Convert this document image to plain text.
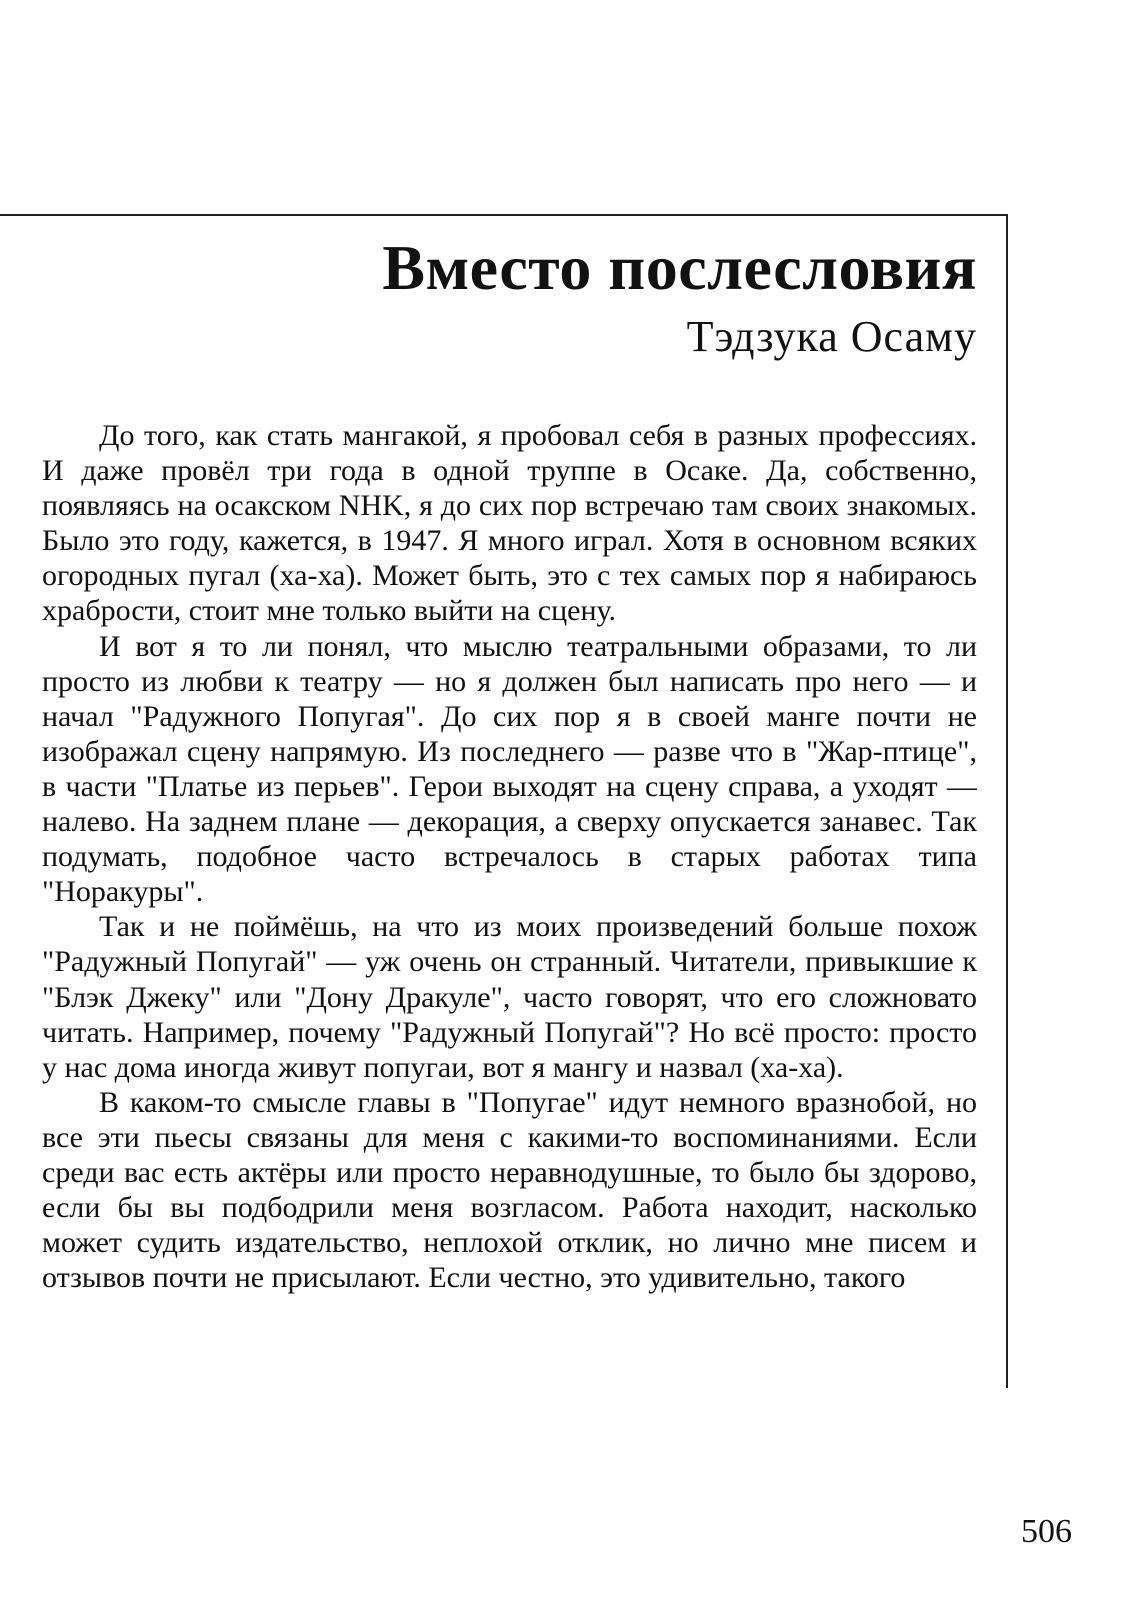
Вместо послесловия
Тэдзука Осаму

До того, как стать мангакой, я пробовал себя в разных профессиях. И даже провёл три года в одной труппе в Осаке. Да, собственно, появляясь на осакском NHK, я до сих пор встречаю там своих знакомых. Было это году, кажется, в 1947. Я много играл. Хотя в основном всяких огородных пугал (ха-ха). Может быть, это с тех самых пор я набираюсь храбрости, стоит мне только выйти на сцену.

И вот я то ли понял, что мыслю театральными образами, то ли просто из любви к театру — но я должен был написать про него — и начал "Радужного Попугая". До сих пор я в своей манге почти не изображал сцену напрямую. Из последнего — разве что в "Жар-птице", в части "Платье из перьев". Герои выходят на сцену справа, а уходят — налево. На заднем плане — декорация, а сверху опускается занавес. Так подумать, подобное часто встречалось в старых работах типа "Норакуры".

Так и не поймёшь, на что из моих произведений больше похож "Радужный Попугай" — уж очень он странный. Читатели, привыкшие к "Блэк Джеку" или "Дону Дракуле", часто говорят, что его сложновато читать. Например, почему "Радужный Попугай"? Но всё просто: просто у нас дома иногда живут попугаи, вот я мангу и назвал (ха-ха).

В каком-то смысле главы в "Попугае" идут немного вразнобой, но все эти пьесы связаны для меня с какими-то воспоминаниями. Если среди вас есть актёры или просто неравнодушные, то было бы здорово, если бы вы подбодрили меня возгласом. Работа находит, насколько может судить издательство, неплохой отклик, но лично мне писем и отзывов почти не присылают. Если честно, это удивительно, такого

506
